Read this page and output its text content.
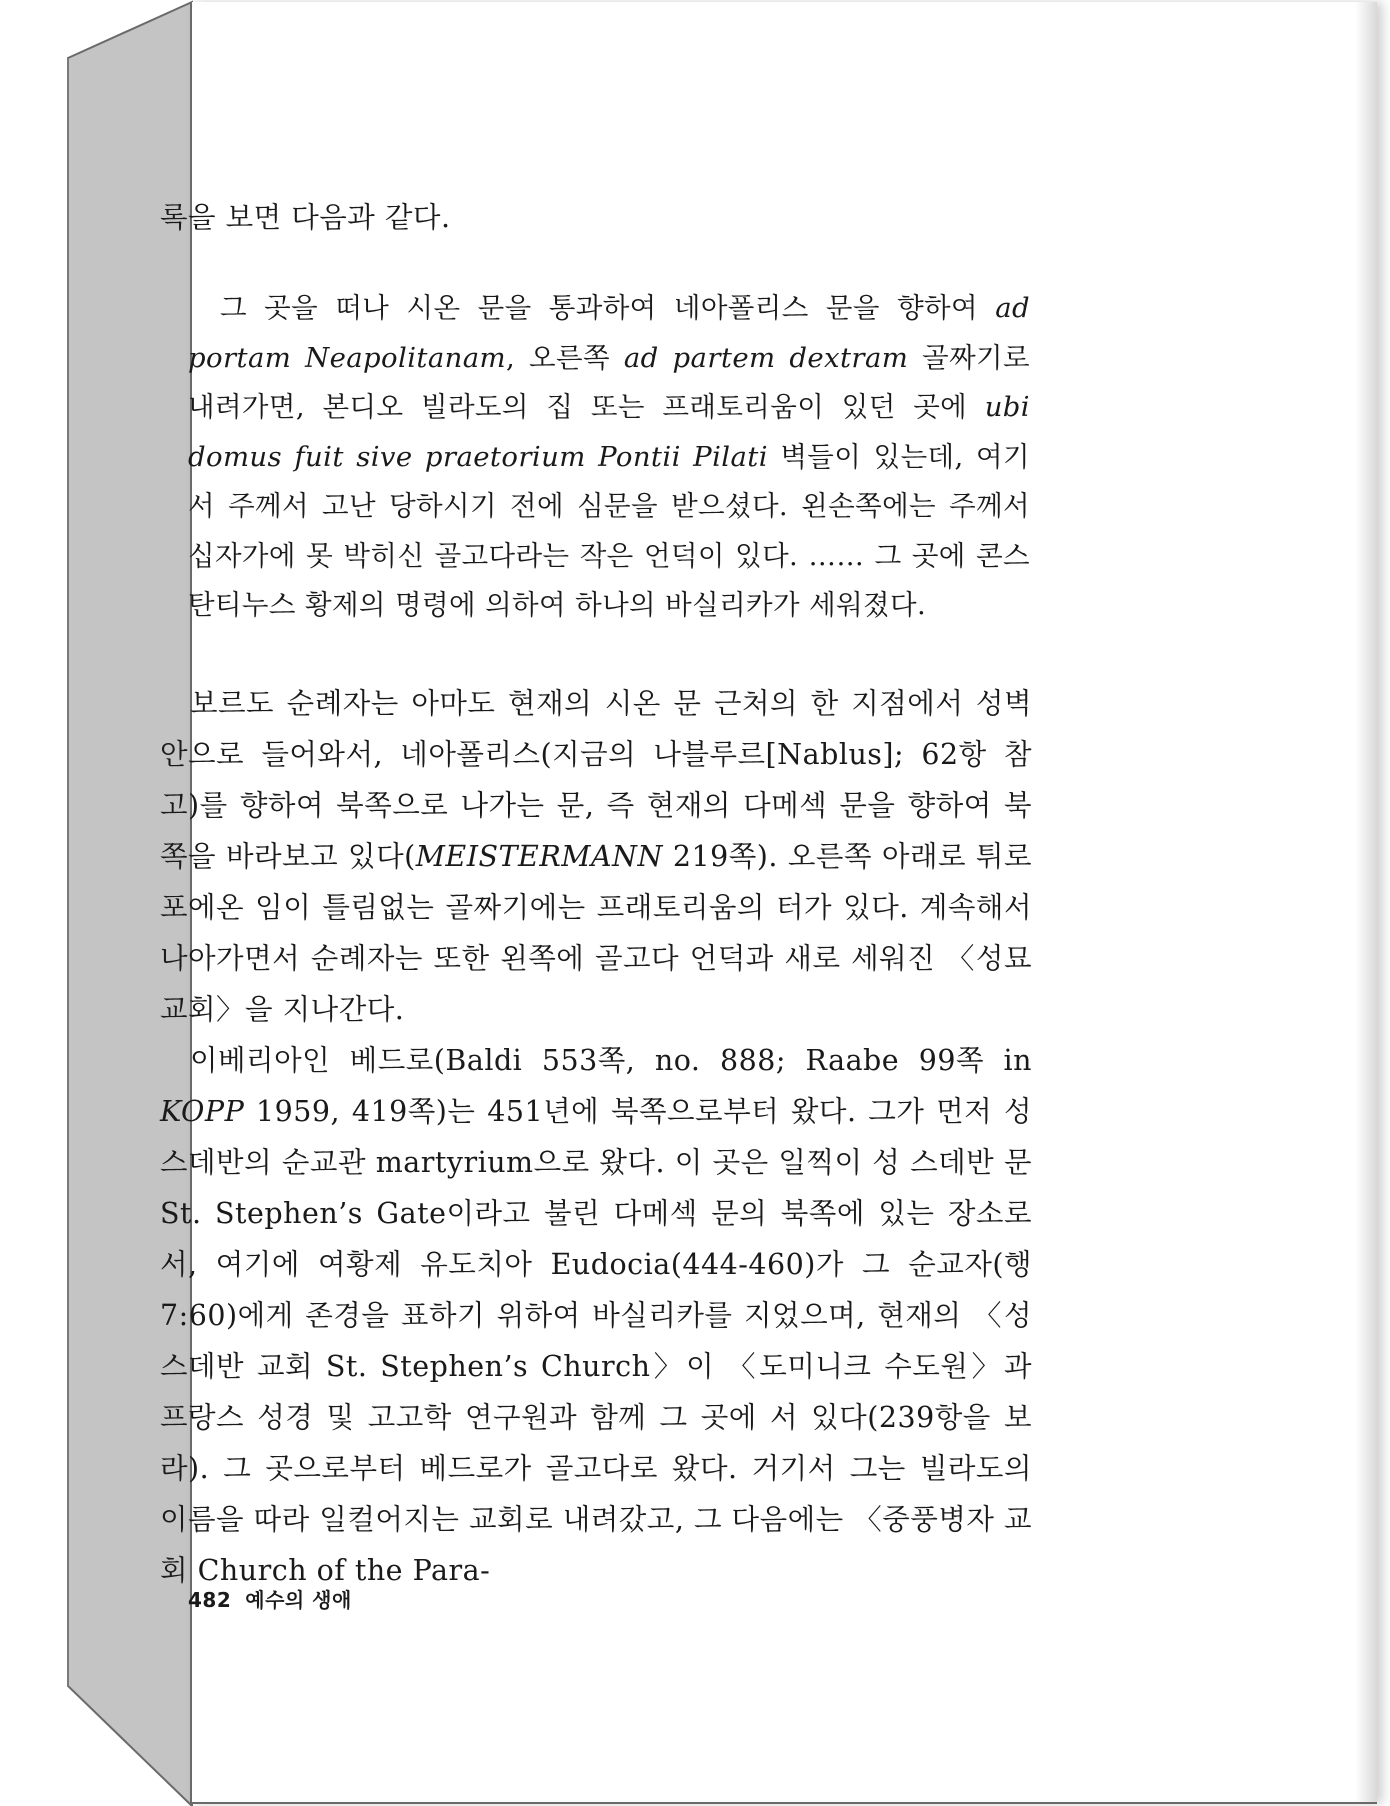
록을 보면 다음과 같다.

그 곳을 떠나 시온 문을 통과하여 네아폴리스 문을 향하여 ad portam Neapolitanam, 오른쪽 ad partem dextram 골짜기로 내려가면, 본디오 빌라도의 집 또는 프래토리움이 있던 곳에 ubi domus fuit sive praetorium Pontii Pilati 벽들이 있는데, 여기서 주께서 고난 당하시기 전에 심문을 받으셨다. 왼손쪽에는 주께서 십자가에 못 박히신 골고다라는 작은 언덕이 있다. …… 그 곳에 콘스탄티누스 황제의 명령에 의하여 하나의 바실리카가 세워졌다.

보르도 순례자는 아마도 현재의 시온 문 근처의 한 지점에서 성벽 안으로 들어와서, 네아폴리스(지금의 나블루르[Nablus]; 62항 참고)를 향하여 북쪽으로 나가는 문, 즉 현재의 다메섹 문을 향하여 북쪽을 바라보고 있다(MEISTERMANN 219쪽). 오른쪽 아래로 튀로포에온 임이 틀림없는 골짜기에는 프래토리움의 터가 있다. 계속해서 나아가면서 순례자는 또한 왼쪽에 골고다 언덕과 새로 세워진 〈성묘 교회〉을 지나간다.

이베리아인 베드로(Baldi 553쪽, no. 888; Raabe 99쪽 in KOPP 1959, 419쪽)는 451년에 북쪽으로부터 왔다. 그가 먼저 성 스데반의 순교관 martyrium으로 왔다. 이 곳은 일찍이 성 스데반 문 St. Stephen’s Gate이라고 불린 다메섹 문의 북쪽에 있는 장소로서, 여기에 여황제 유도치아 Eudocia(444-460)가 그 순교자(행 7:60)에게 존경을 표하기 위하여 바실리카를 지었으며, 현재의 〈성 스데반 교회 St. Stephen’s Church〉이 〈도미니크 수도원〉과 프랑스 성경 및 고고학 연구원과 함께 그 곳에 서 있다(239항을 보라). 그 곳으로부터 베드로가 골고다로 왔다. 거기서 그는 빌라도의 이름을 따라 일컬어지는 교회로 내려갔고, 그 다음에는 〈중풍병자 교회 Church of the Para-

482 예수의 생애
